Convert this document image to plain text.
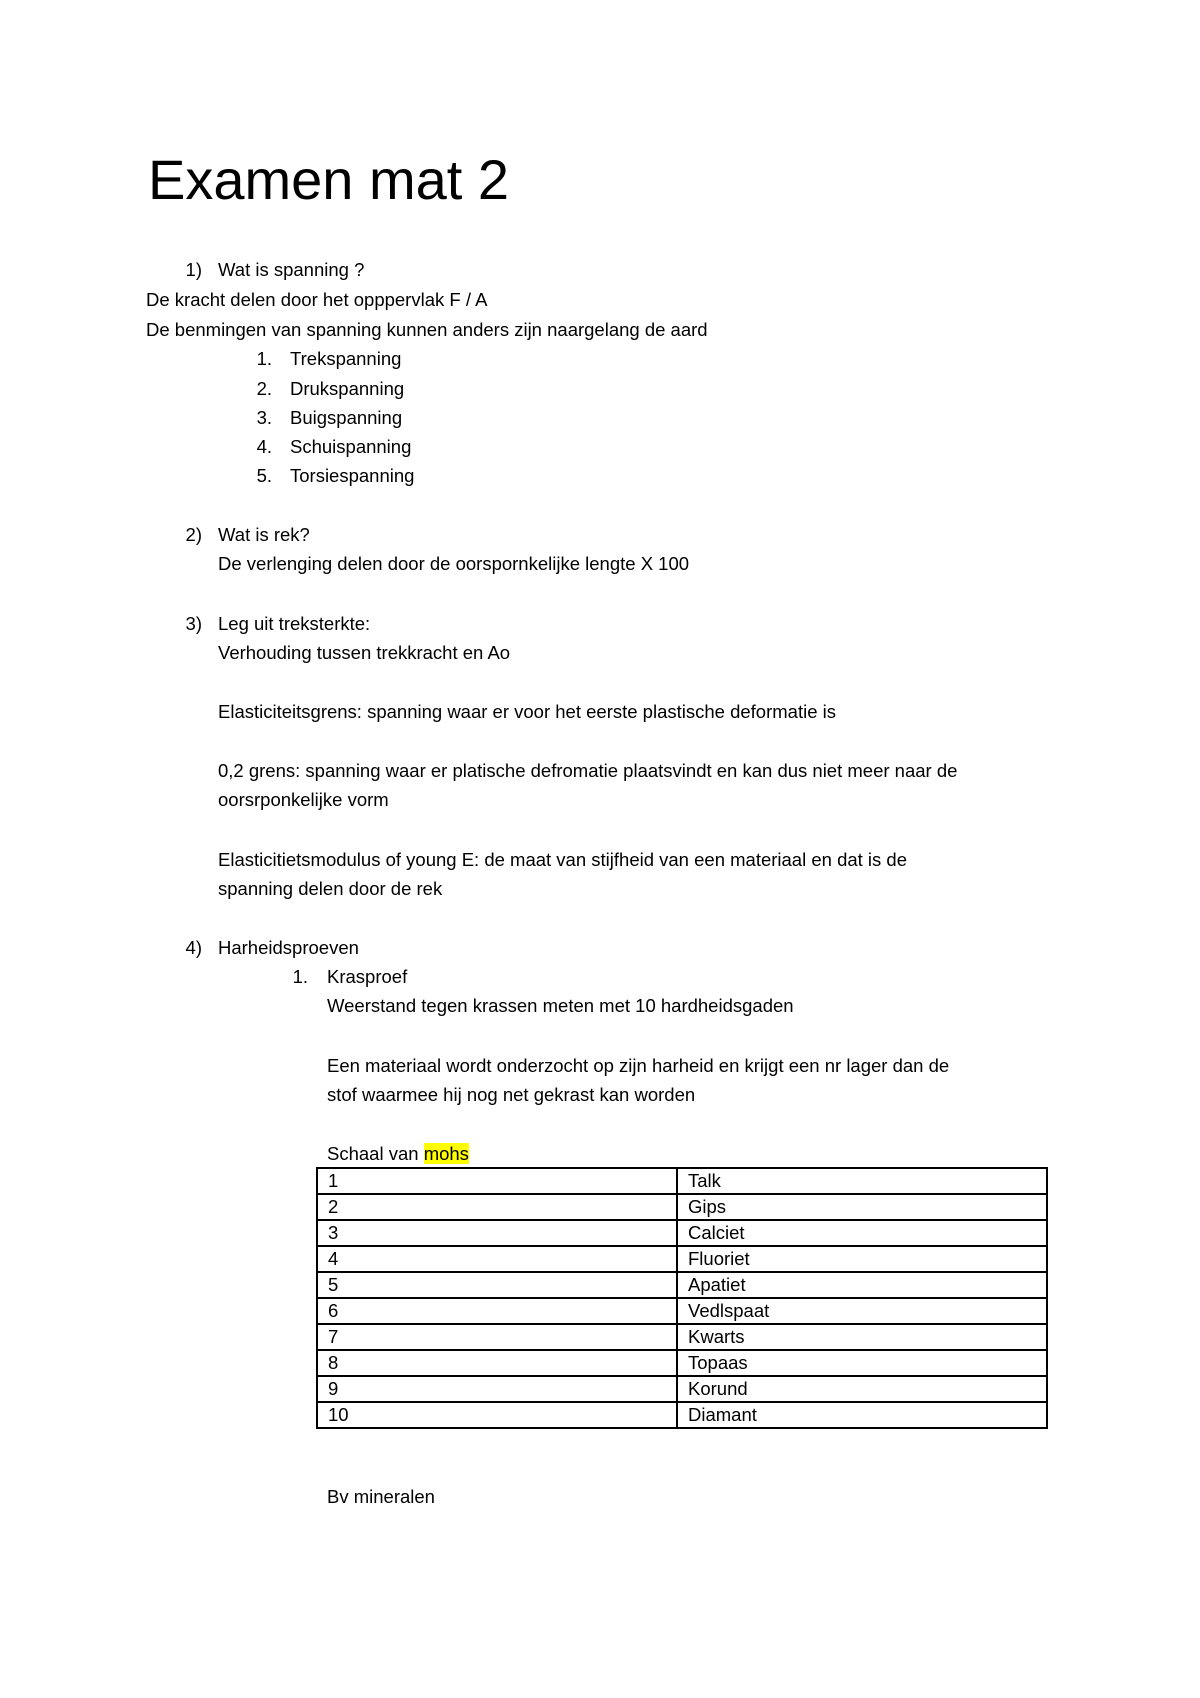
Examen mat 2
1) Wat is spanning ?
De kracht delen door het opppervlak F / A
De benmingen van spanning kunnen anders zijn naargelang de aard
1. Trekspanning
2. Drukspanning
3. Buigspanning
4. Schuispanning
5. Torsiespanning
2) Wat is rek?
De verlenging delen door de oorspornkelijke lengte X 100
3) Leg uit treksterkte:
Verhouding tussen trekkracht en Ao
Elasticiteitsgrens: spanning waar er voor het eerste plastische deformatie is
0,2 grens: spanning waar er platische defromatie plaatsvindt en kan dus niet meer naar de
oorsrponkelijke vorm
Elasticitietsmodulus of young E: de maat van stijfheid van een materiaal en dat is de
spanning delen door de rek
4) Harheidsproeven
1. Krasproef
Weerstand tegen krassen meten met 10 hardheidsgaden
Een materiaal wordt onderzocht op zijn harheid en krijgt een nr lager dan de
stof waarmee hij nog net gekrast kan worden
Schaal van mohs
1	Talk
2	Gips
3	Calciet
4	Fluoriet
5	Apatiet
6	Vedlspaat
7	Kwarts
8	Topaas
9	Korund
10	Diamant
Bv mineralen
